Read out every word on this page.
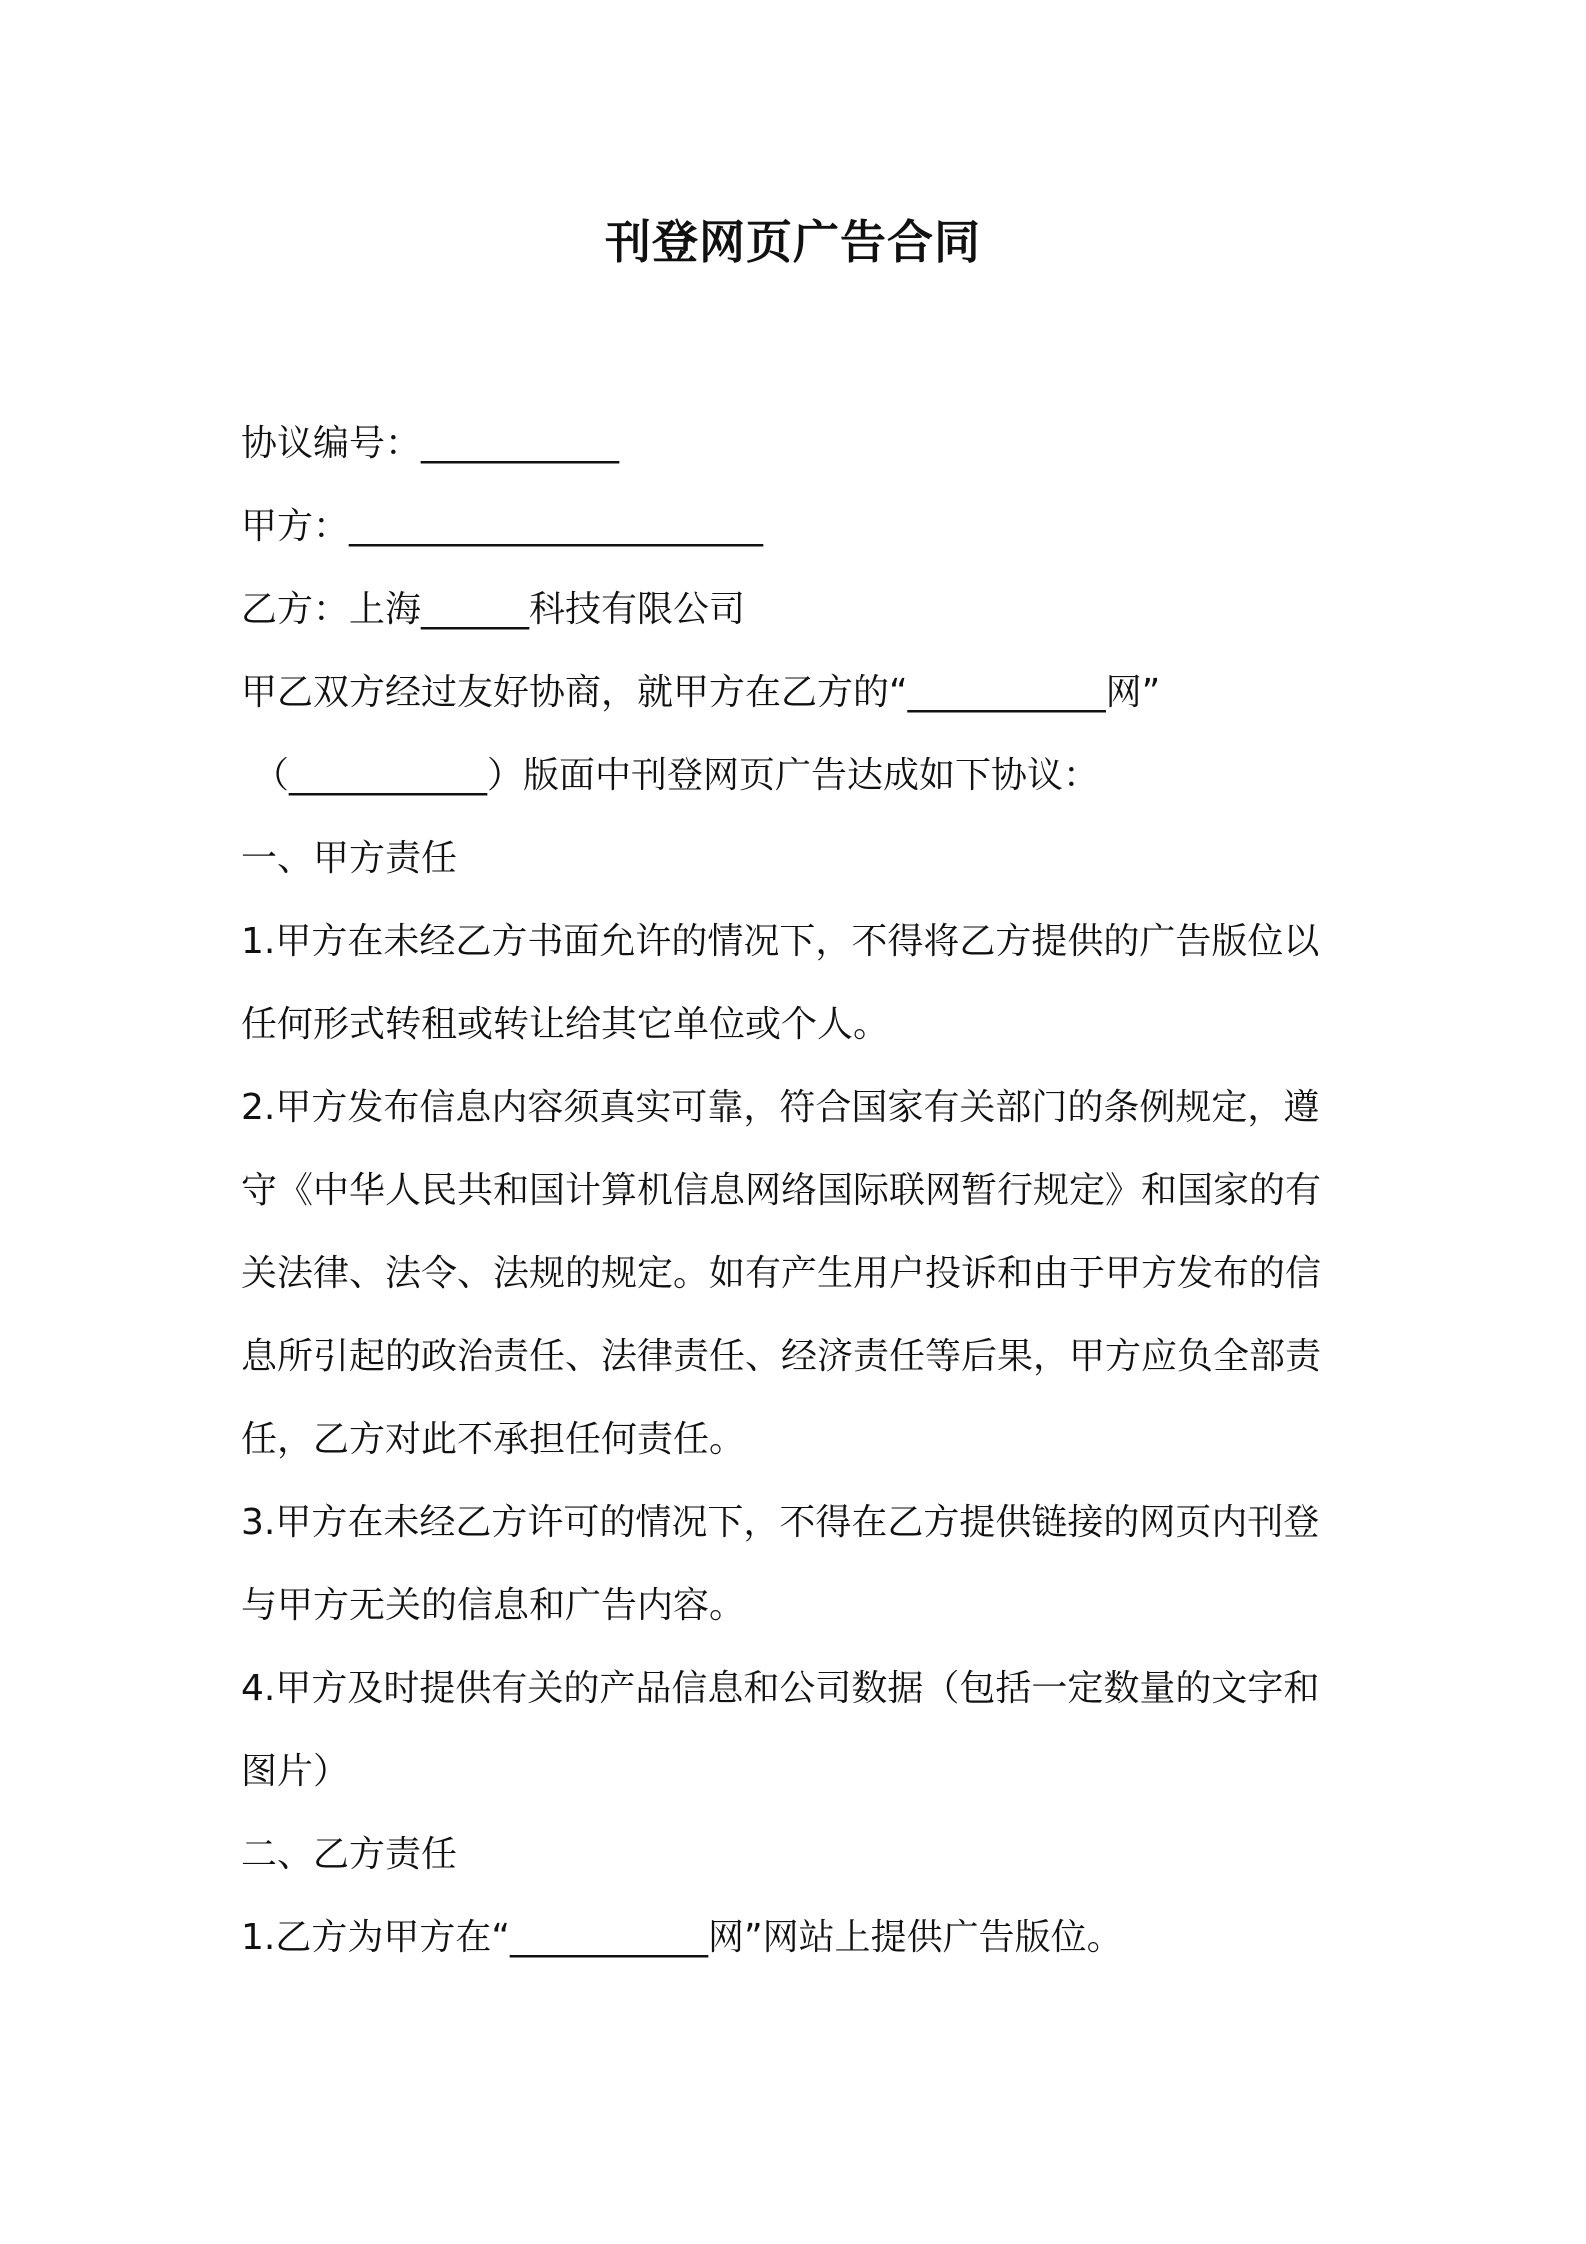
刊登网页广告合同

协议编号：___________

甲方：_______________________

乙方：上海______科技有限公司

甲乙双方经过友好协商，就甲方在乙方的“___________网”

（___________）版面中刊登网页广告达成如下协议：

一、甲方责任

1.甲方在未经乙方书面允许的情况下，不得将乙方提供的广告版位以

任何形式转租或转让给其它单位或个人。

2.甲方发布信息内容须真实可靠，符合国家有关部门的条例规定，遵

守《中华人民共和国计算机信息网络国际联网暂行规定》和国家的有

关法律、法令、法规的规定。如有产生用户投诉和由于甲方发布的信

息所引起的政治责任、法律责任、经济责任等后果，甲方应负全部责

任，乙方对此不承担任何责任。

3.甲方在未经乙方许可的情况下，不得在乙方提供链接的网页内刊登

与甲方无关的信息和广告内容。

4.甲方及时提供有关的产品信息和公司数据（包括一定数量的文字和

图片）

二、乙方责任

1.乙方为甲方在“___________网”网站上提供广告版位。
